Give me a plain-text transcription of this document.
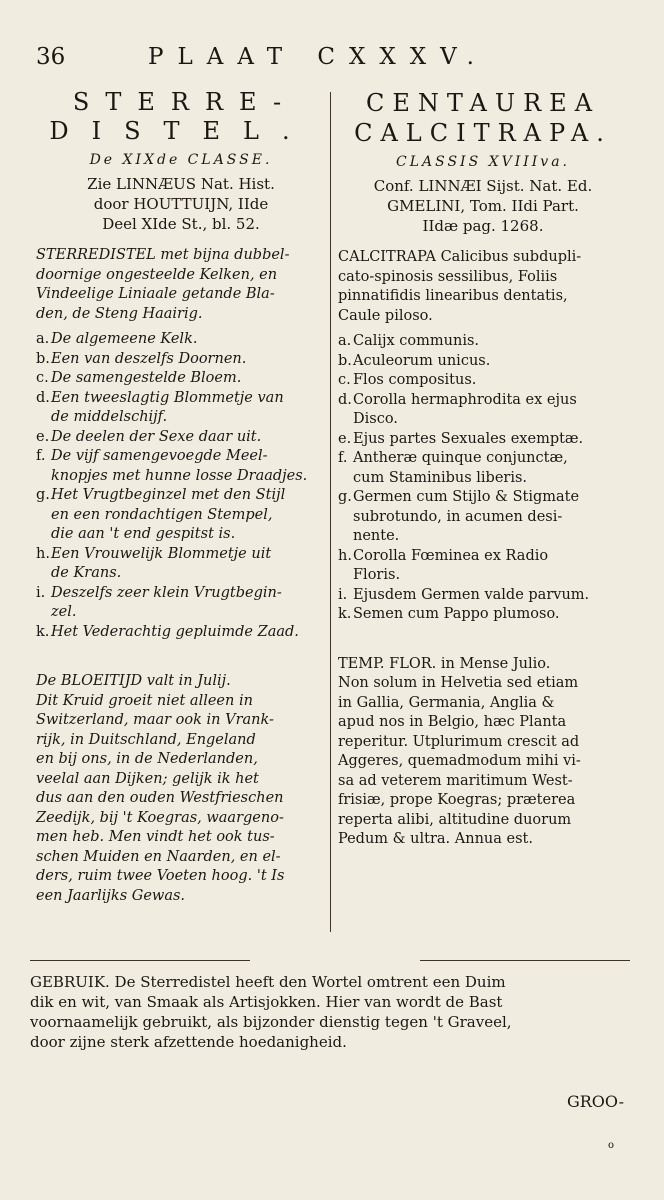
36	PLAAT CXXXV.
STERRE-
DISTEL.
De XIXde CLASSE.

Zie LINNÆUS Nat. Hist.

door HOUTTUIJN, IIde

Deel XIde St., bl. 52.

STERREDISTEL met bijna dubbel-

doornige ongesteelde Kelken, en

Vindeelige Liniaale getande Bla-

den, de Steng Haairig.

a. De algemeene Kelk.
b. Een van deszelfs Doornen.
c. De samengestelde Bloem.
d. Een tweeslagtig Blommetje van
de middelschijf.
e. De deelen der Sexe daar uit.
f. De vijf samengevoegde Meel-
knopjes met hunne losse Draadjes.
g. Het Vrugtbeginzel met den Stijl
en een rondachtigen Stempel,
die aan 't end gespitst is.
h. Een Vrouwelijk Blommetje uit
de Krans.
i. Deszelfs zeer klein Vrugtbegin-
zel.
k. Het Vederachtig gepluimde Zaad.

De BLOEITIJD valt in Julij.

Dit Kruid groeit niet alleen in

Switzerland, maar ook in Vrank-

rijk, in Duitschland, Engeland

en bij ons, in de Nederlanden,

veelal aan Dijken; gelijk ik het

dus aan den ouden Westfrieschen

Zeedijk, bij 't Koegras, waargeno-

men heb. Men vindt het ook tus-

schen Muiden en Naarden, en el-

ders, ruim twee Voeten hoog. 't Is

een Jaarlijks Gewas.

CENTAUREA
CALCITRAPA.
CLASSIS XVIIIva.

Conf. LINNÆI Sijst. Nat. Ed.

GMELINI, Tom. IIdi Part.

IIdæ pag. 1268.

CALCITRAPA Calicibus subdupli-

cato-spinosis sessilibus, Foliis

pinnatifidis linearibus dentatis,

Caule piloso.

a. Calijx communis.
b. Aculeorum unicus.
c. Flos compositus.
d. Corolla hermaphrodita ex ejus
Disco.
e. Ejus partes Sexuales exemptæ.
f. Antheræ quinque conjunctæ,
cum Staminibus liberis.
g. Germen cum Stijlo & Stigmate
subrotundo, in acumen desi-
nente.
h. Corolla Fœminea ex Radio
Floris.
i. Ejusdem Germen valde parvum.
k. Semen cum Pappo plumoso.

TEMP. FLOR. in Mense Julio.

Non solum in Helvetia sed etiam

in Gallia, Germania, Anglia &

apud nos in Belgio, hæc Planta

reperitur. Utplurimum crescit ad

Aggeres, quemadmodum mihi vi-

sa ad veterem maritimum West-

frisiæ, prope Koegras; præterea

reperta alibi, altitudine duorum

Pedum & ultra. Annua est.

GEBRUIK. De Sterredistel heeft den Wortel omtrent een Duim

dik en wit, van Smaak als Artisjokken. Hier van wordt de Bast

voornaamelijk gebruikt, als bijzonder dienstig tegen 't Graveel,

door zijne sterk afzettende hoedanigheid.

GROO-
o
